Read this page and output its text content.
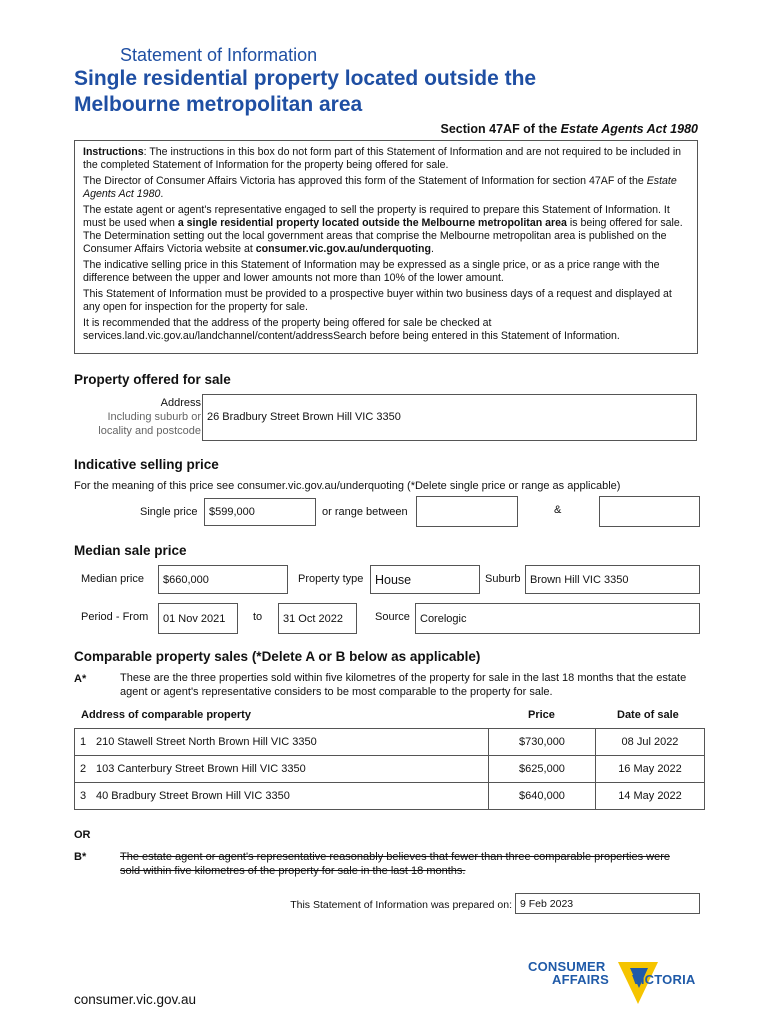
Statement of Information
Single residential property located outside the
Melbourne metropolitan area
Section 47AF of the Estate Agents Act 1980

Instructions: The instructions in this box do not form part of this Statement of Information and are not required to be included in the completed Statement of Information for the property being offered for sale.

The Director of Consumer Affairs Victoria has approved this form of the Statement of Information for section 47AF of the Estate Agents Act 1980.

The estate agent or agent's representative engaged to sell the property is required to prepare this Statement of Information. It must be used when a single residential property located outside the Melbourne metropolitan area is being offered for sale. The Determination setting out the local government areas that comprise the Melbourne metropolitan area is published on the Consumer Affairs Victoria website at consumer.vic.gov.au/underquoting.

The indicative selling price in this Statement of Information may be expressed as a single price, or as a price range with the difference between the upper and lower amounts not more than 10% of the lower amount.

This Statement of Information must be provided to a prospective buyer within two business days of a request and displayed at any open for inspection for the property for sale.

It is recommended that the address of the property being offered for sale be checked at services.land.vic.gov.au/landchannel/content/addressSearch before being entered in this Statement of Information.

Property offered for sale
Address
Including suburb or
locality and postcode
26 Bradbury Street Brown Hill VIC 3350
Indicative selling price
For the meaning of this price see consumer.vic.gov.au/underquoting (*Delete single price or range as applicable)
Single price	$599,000	or range between	&
Median sale price
Median price	$660,000	Property type House	Suburb Brown Hill VIC 3350
Period - From	01 Nov 2021	to	31 Oct 2022	Source Corelogic
Comparable property sales (*Delete A or B below as applicable)
A*	These are the three properties sold within five kilometres of the property for sale in the last 18 months that the estate agent or agent's representative considers to be most comparable to the property for sale.
Address of comparable property	Price	Date of sale
1	210 Stawell Street North Brown Hill VIC 3350	$730,000	08 Jul 2022
2	103 Canterbury Street Brown Hill VIC 3350	$625,000	16 May 2022
3	40 Bradbury Street Brown Hill VIC 3350	$640,000	14 May 2022
OR
B*	The estate agent or agent's representative reasonably believes that fewer than three comparable properties were sold within five kilometres of the property for sale in the last 18 months.
This Statement of Information was prepared on: 9 Feb 2023
CONSUMER
AFFAIRS VICTORIA
consumer.vic.gov.au
